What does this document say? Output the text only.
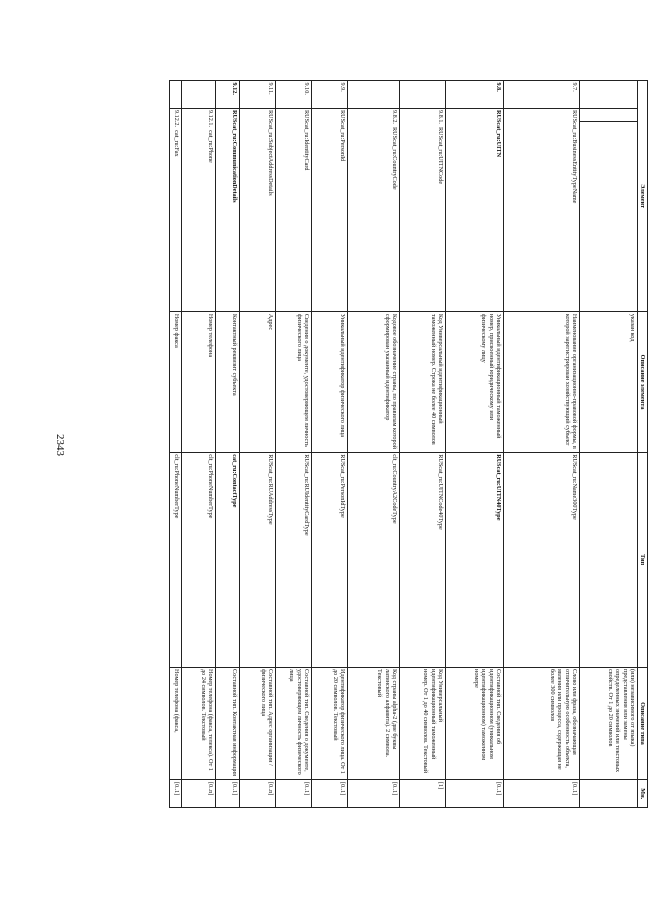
2343
Элемент			Описание элемента	Тип	Описание типа	Мн.
			указан код		(или) независимого от языка) представления или замены определенных значений или текстовых свойств. От 1 до 20 символов	
9.7.	RUScat_ru:BusinessEntityTypeName		Наименование организационно-правовой формы, в которой зарегистрирован хозяйствующий субъект	RUScat_ru:Name300Type	Слово или фраза, обозначающая отличительную особенность объекта, явления или процесса, содержащая не более 300 символов	[0..1]
9.8.	RUScat_ru:UITN		Уникальный идентификационный таможенный номер, присвоенный юридическому или физическому лицу	RUScat_ru:UITN40Type	Составной тип. Сведения об идентификационном (уникальном идентификационном) таможенном номере	[0..1]
	9.8.1.  RUScat_ru:UITNCode		Код Универсальный идентификационный таможенный номер. Строка не более 40 символов	RUScat_ru:UITNCode40Type	Код Универсальный идентификационный таможенный номер. От 1 до 40 символов. Текстовый	[1]
	9.8.2.  RUScat_ru:CountryCode		Кодовое обозначение страны, по правилам которой сформирован указанный идентификатор	clt_ru:CountryA2CodeType	Код страны alpha-2 (две буквы латинского алфавита). 2 символа. Текстовый	[0..1]
9.9.	RUScat_ru:PersonId		Уникальный идентификатор физического лица	RUScat_ru:PersonIdType	Идентификатор физического лица. От 1 до 20 символов. Текстовый	[0..1]
9.10.	RUScat_ru:IdentityCard		Сведения о документе, удостоверяющем личность физического лица	RUScat_ru:RUIdentityCardType	Составной тип. Сведения о документе, удостоверяющем личность физического лица	[0..1]
9.11.	RUScat_ru:SubjectAddressDetails		Адрес	RUScat_ru:RUAddressType	Составной тип. Адрес организации / физического лица	[0..n]
9.12.	RUScat_ru:CommunicationDetails		Контактный реквизит субъекта	cat_ru:ContactType	Составной тип. Контактная информация	[0..1]
	9.12.1.  cat_ru:Phone		Номер телефона	clt_ru:PhoneNumberType	Номер телефона (факса, телекса). От 1 до 24 символов. Текстовый	[0..n]
	9.12.2.  cat_ru:Fax		Номер факса	clt_ru:PhoneNumberType	Номер телефона (факса,	[0..1]
